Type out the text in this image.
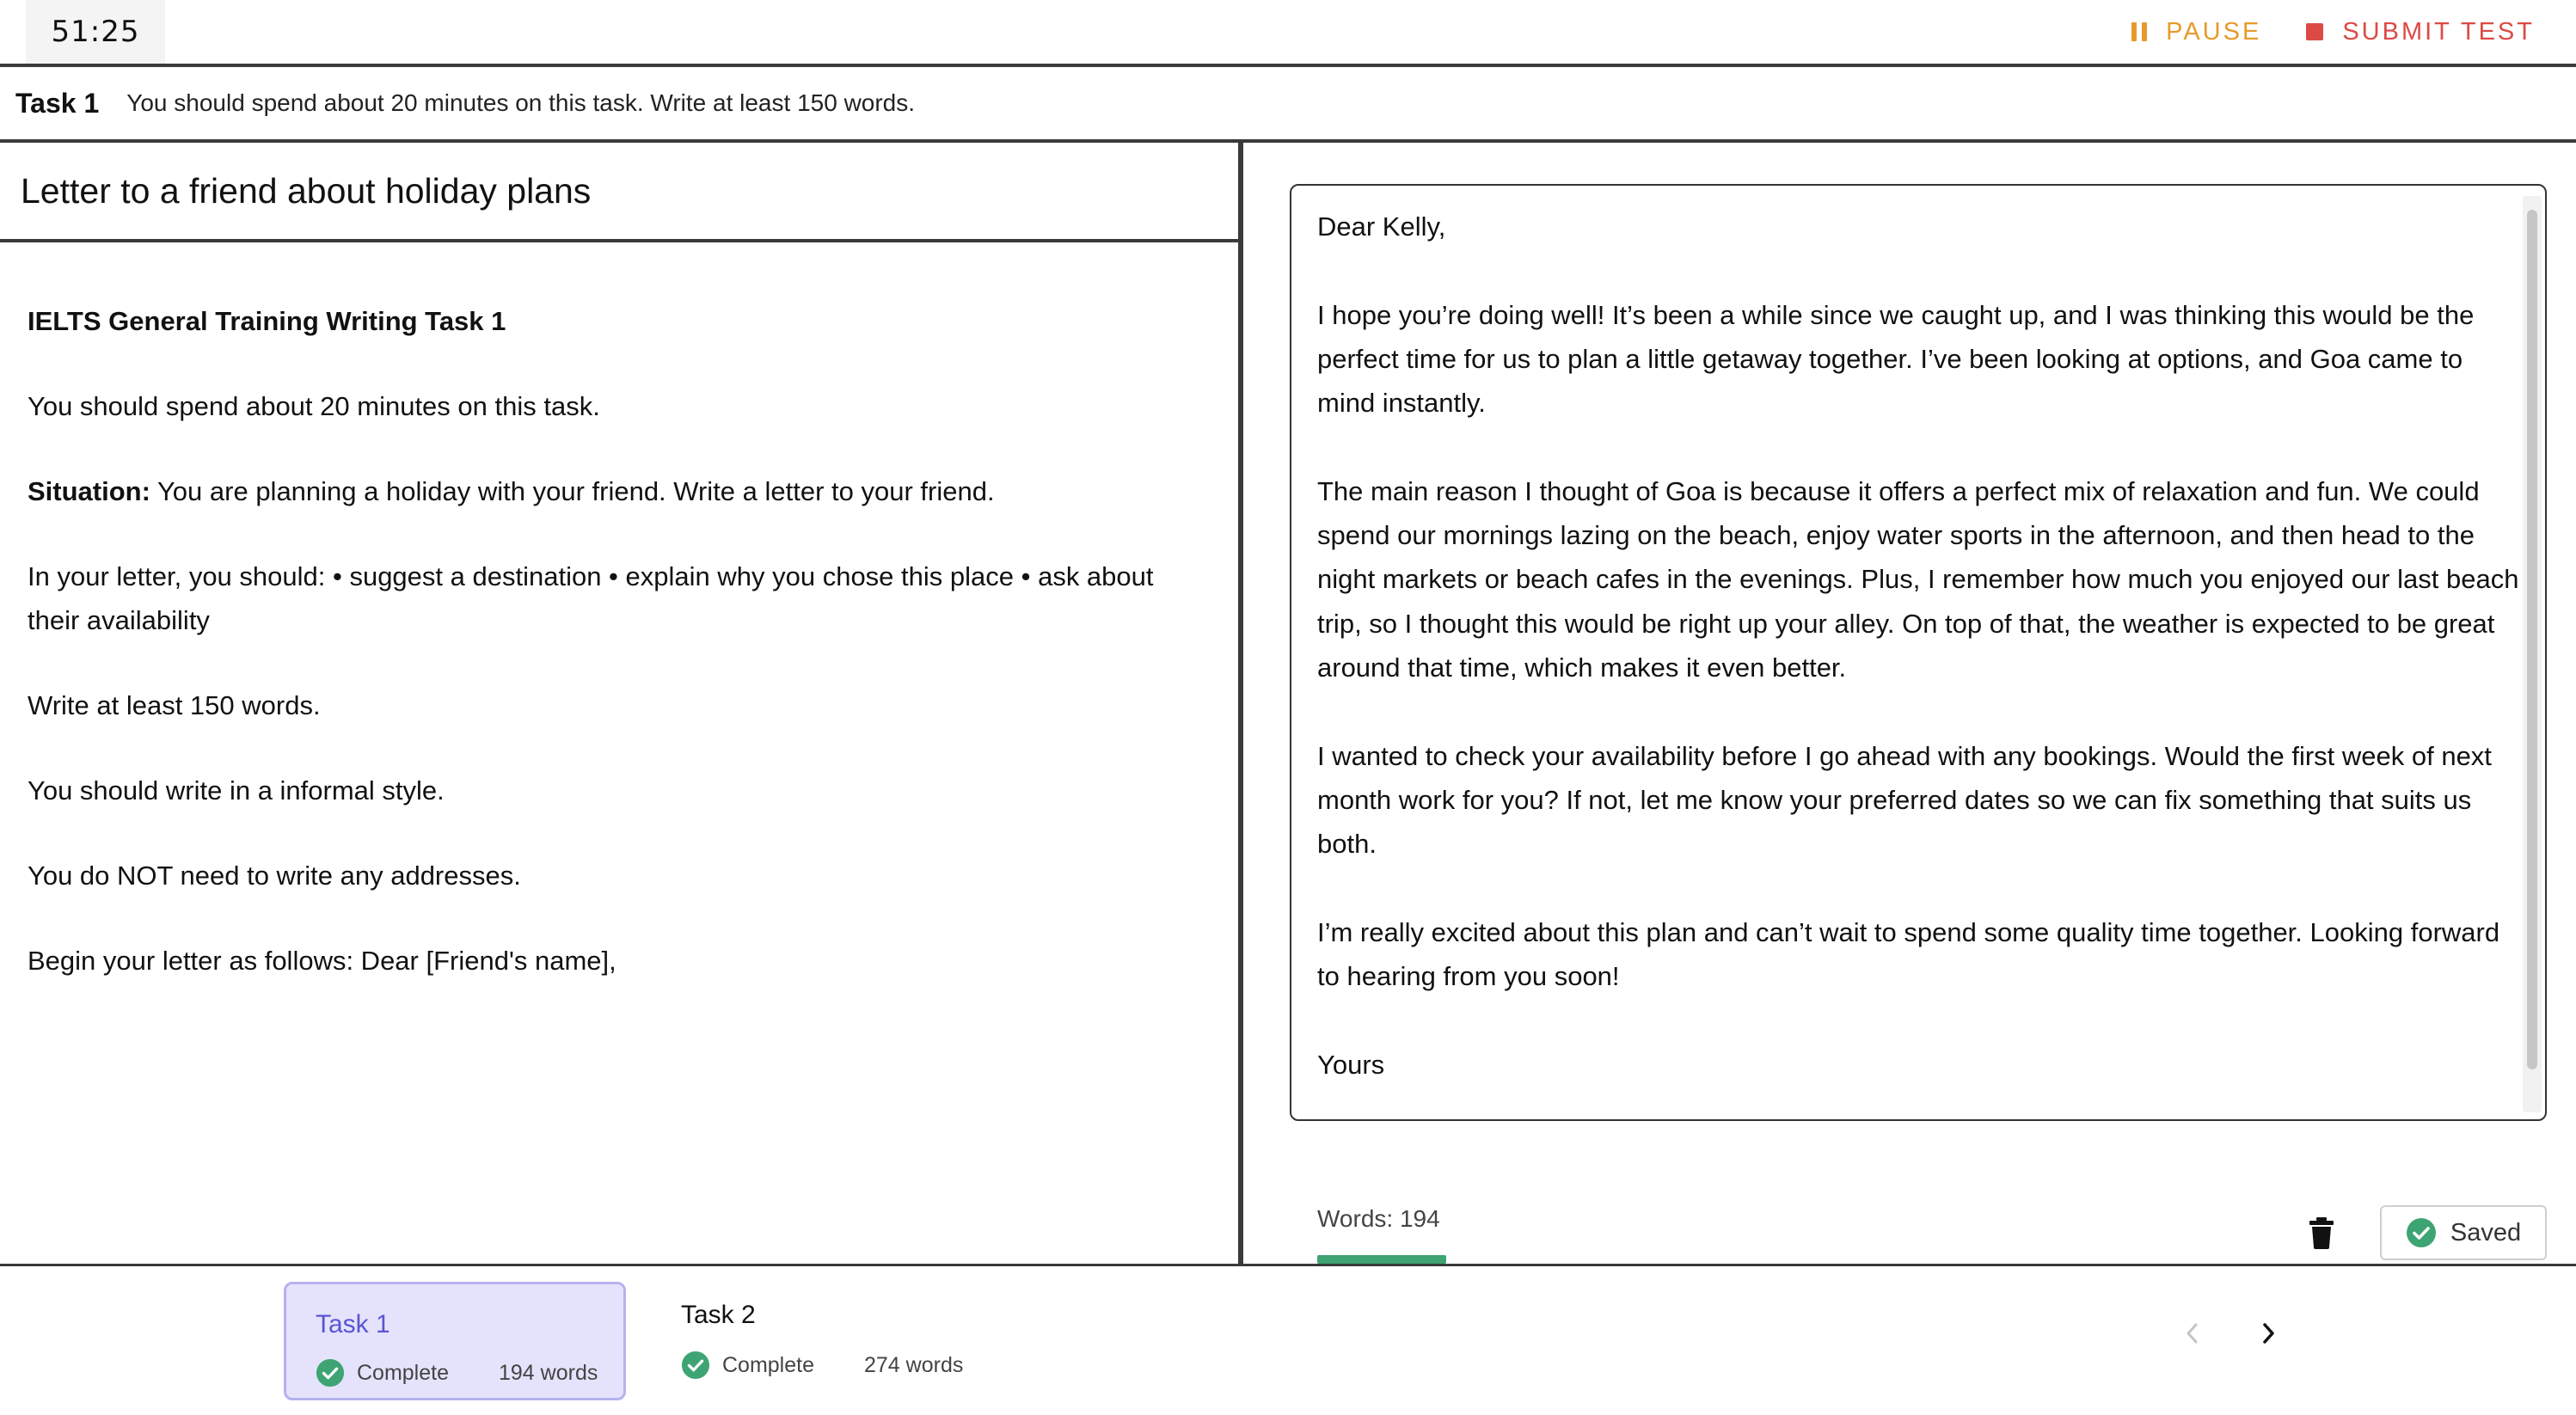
51:25	PAUSE	SUBMIT TEST
Task 1 You should spend about 20 minutes on this task. Write at least 150 words.
Letter to a friend about holiday plans

IELTS General Training Writing Task 1

You should spend about 20 minutes on this task.

Situation: You are planning a holiday with your friend. Write a letter to your friend.

In your letter, you should: • suggest a destination • explain why you chose this place • ask about their availability

Write at least 150 words.

You should write in a informal style.

You do NOT need to write any addresses.

Begin your letter as follows: Dear [Friend's name],

Dear Kelly,

I hope you’re doing well! It’s been a while since we caught up, and I was thinking this would be the perfect time for us to plan a little getaway together. I’ve been looking at options, and Goa came to mind instantly.

The main reason I thought of Goa is because it offers a perfect mix of relaxation and fun. We could spend our mornings lazing on the beach, enjoy water sports in the afternoon, and then head to the night markets or beach cafes in the evenings. Plus, I remember how much you enjoyed our last beach trip, so I thought this would be right up your alley. On top of that, the weather is expected to be great around that time, which makes it even better.

I wanted to check your availability before I go ahead with any bookings. Would the first week of next month work for you? If not, let me know your preferred dates so we can fix something that suits us both.

I’m really excited about this plan and can’t wait to spend some quality time together. Looking forward to hearing from you soon!

Yours

Words: 194	Saved
Task 1
Complete 194 words
Task 2
Complete 274 words
